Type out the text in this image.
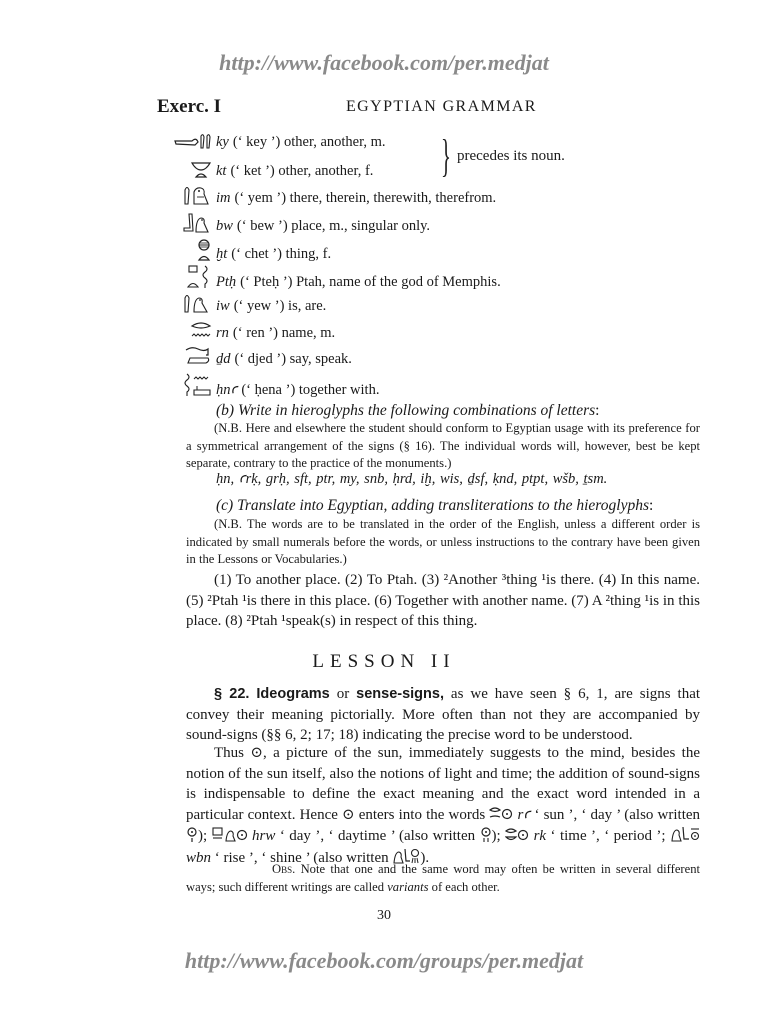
http://www.facebook.com/per.medjat
Exerc. I	EGYPTIAN GRAMMAR
ky (‘ key ’) other, another, m.
kt (‘ ket ’) other, another, f.
im (‘ yem ’) there, therein, therewith, therefrom.
bw (‘ bew ’) place, m., singular only.
ḫt (‘ chet ’) thing, f.
Ptḥ (‘ Pteḥ ’) Ptah, name of the god of Memphis.
iw (‘ yew ’) is, are.
rn (‘ ren ’) name, m.
ḏd (‘ djed ’) say, speak.
ḥnꜥ (‘ ḥena ’) together with.
} precedes its noun.
(b) Write in hieroglyphs the following combinations of letters:
(N.B. Here and elsewhere the student should conform to Egyptian usage with its preference for a symmetrical arrangement of the signs (§ 16). The individual words will, however, best be kept separate, contrary to the practice of the monuments.)
ḥn, ꜥrḳ, grḥ, sft, ptr, my, snb, ḥrd, iḫ, wis, ḏsf, ḳnd, ptpt, wšb, ṯsm.
(c) Translate into Egyptian, adding transliterations to the hieroglyphs:
(N.B. The words are to be translated in the order of the English, unless a different order is indicated by small numerals before the words, or unless instructions to the contrary have been given in the Lessons or Vocabularies.)
(1) To another place. (2) To Ptah. (3) ²Another ³thing ¹is there. (4) In this name. (5) ²Ptah ¹is there in this place. (6) Together with another name. (7) A ²thing ¹is in this place. (8) ²Ptah ¹speak(s) in respect of this thing.
LESSON II
§ 22. Ideograms or sense-signs, as we have seen § 6, 1, are signs that convey their meaning pictorially. More often than not they are accompanied by sound-signs (§§ 6, 2; 17; 18) indicating the precise word to be understood.
Thus ⊙, a picture of the sun, immediately suggests to the mind, besides the notion of the sun itself, also the notions of light and time; the addition of sound-signs is indispensable to define the exact meaning and the exact word intended in a particular context. Hence ⊙ enters into the words rꜥ ‘ sun ’, ‘ day ’ (also written
);	hrw ‘ day ’, ‘ daytime ’ (also written ); rk ‘ time ’, ‘ period ’;
wbn ‘ rise ’, ‘ shine ’ (also written ).
Obs. Note that one and the same word may often be written in several different ways; such different writings are called variants of each other.
30
http://www.facebook.com/groups/per.medjat
